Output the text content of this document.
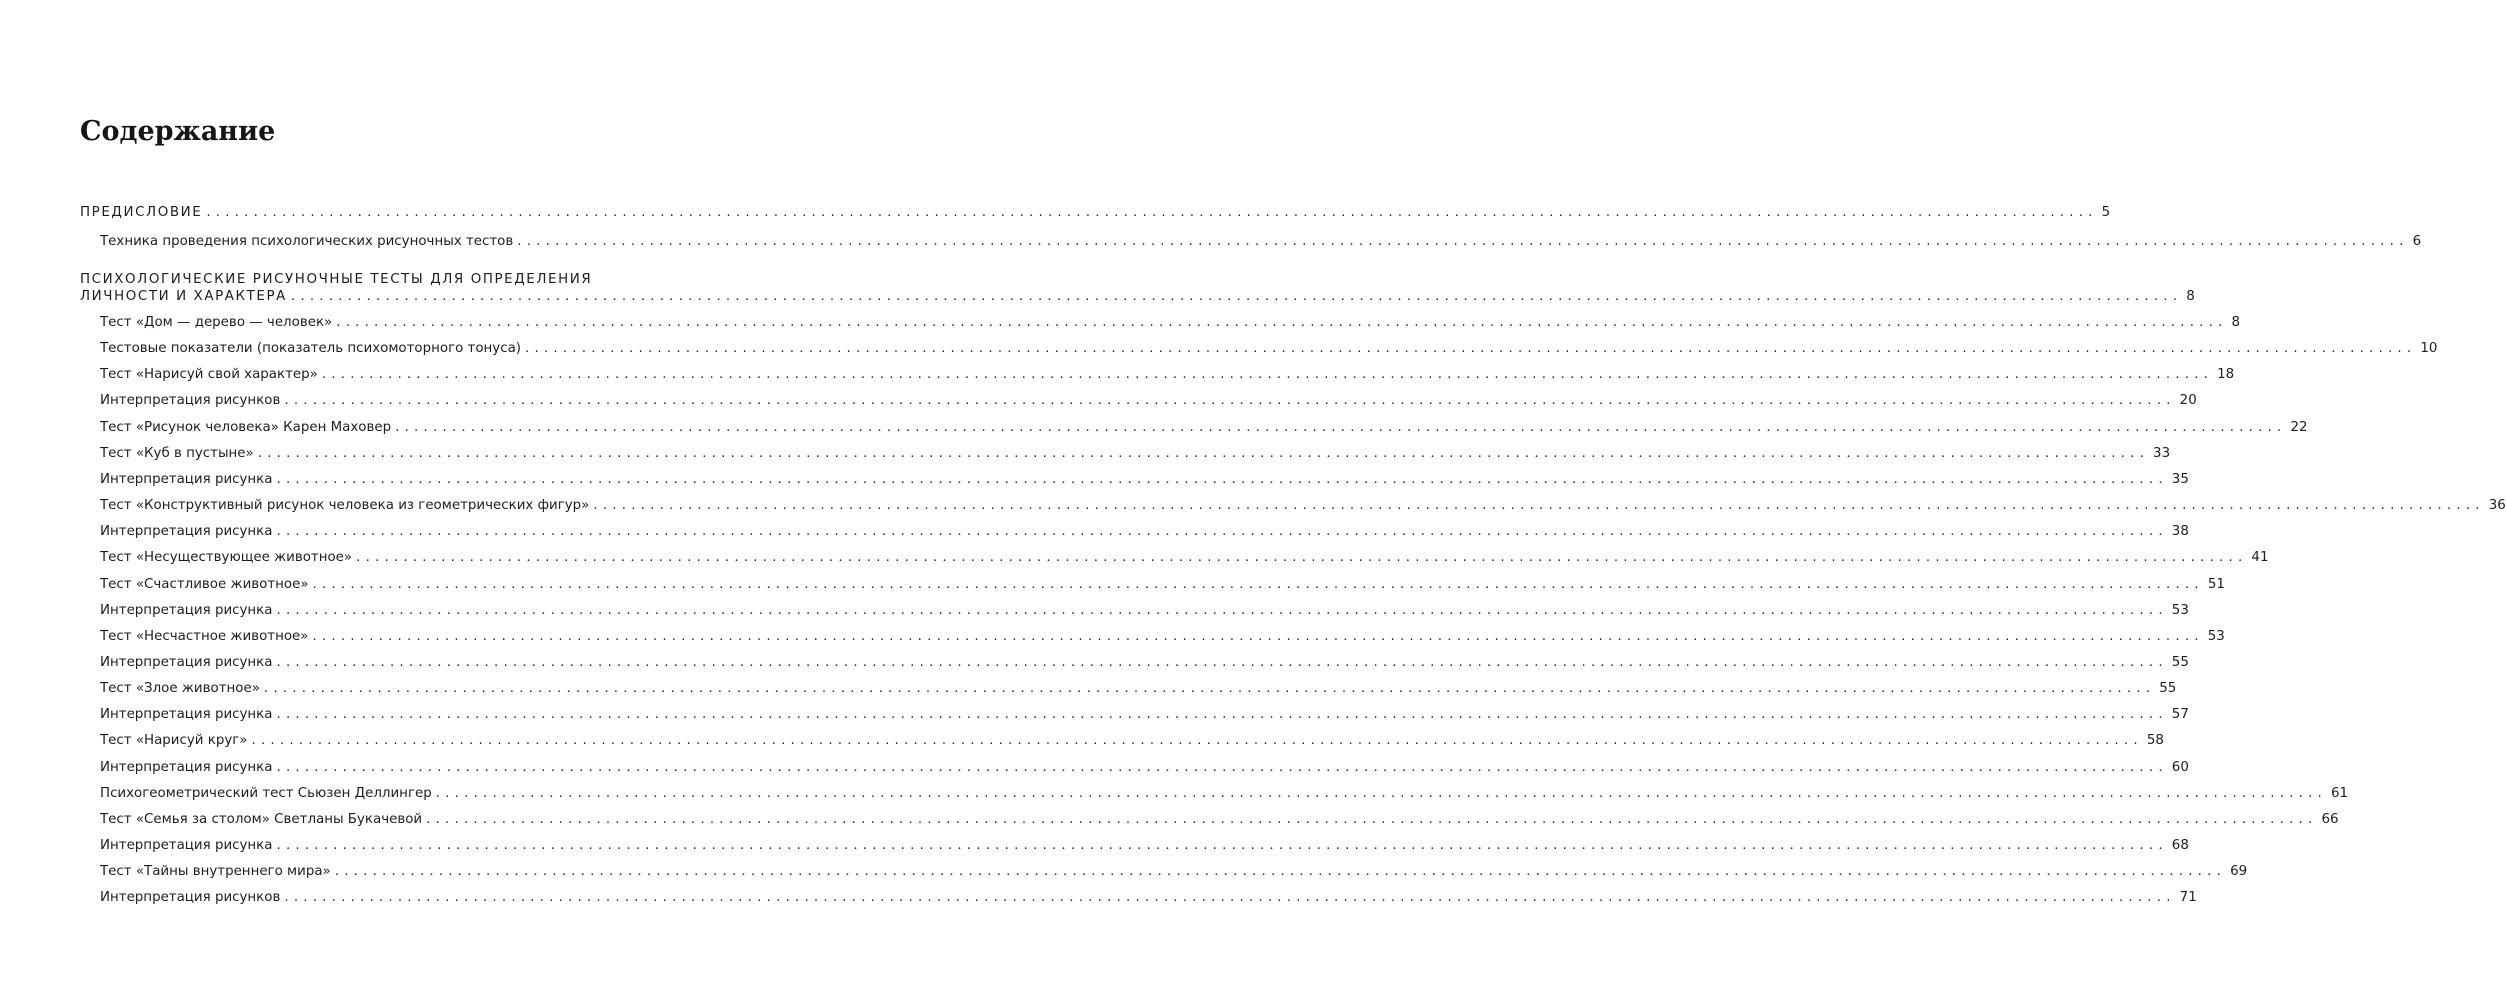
Содержание
ПРЕДИСЛОВИЕ ........................................................................................................................................................................................................ 5
Техника проведения психологических рисуночных тестов ........................................................................................................................................................................................................ 6
ПСИХОЛОГИЧЕСКИЕ РИСУНОЧНЫЕ ТЕСТЫ ДЛЯ ОПРЕДЕЛЕНИЯ
ЛИЧНОСТИ И ХАРАКТЕРА ........................................................................................................................................................................................................ 8
Тест «Дом — дерево — человек» ........................................................................................................................................................................................................ 8
Тестовые показатели (показатель психомоторного тонуса) ........................................................................................................................................................................................................ 10
Тест «Нарисуй свой характер» ........................................................................................................................................................................................................ 18
Интерпретация рисунков ........................................................................................................................................................................................................ 20
Тест «Рисунок человека» Карен Маховер ........................................................................................................................................................................................................ 22
Тест «Куб в пустыне» ........................................................................................................................................................................................................ 33
Интерпретация рисунка ........................................................................................................................................................................................................ 35
Тест «Конструктивный рисунок человека из геометрических фигур» ........................................................................................................................................................................................................ 36
Интерпретация рисунка ........................................................................................................................................................................................................ 38
Тест «Несуществующее животное» ........................................................................................................................................................................................................ 41
Тест «Счастливое животное» ........................................................................................................................................................................................................ 51
Интерпретация рисунка ........................................................................................................................................................................................................ 53
Тест «Несчастное животное» ........................................................................................................................................................................................................ 53
Интерпретация рисунка ........................................................................................................................................................................................................ 55
Тест «Злое животное» ........................................................................................................................................................................................................ 55
Интерпретация рисунка ........................................................................................................................................................................................................ 57
Тест «Нарисуй круг» ........................................................................................................................................................................................................ 58
Интерпретация рисунка ........................................................................................................................................................................................................ 60
Психогеометрический тест Сьюзен Деллингер ........................................................................................................................................................................................................ 61
Тест «Семья за столом» Светланы Букачевой ........................................................................................................................................................................................................ 66
Интерпретация рисунка ........................................................................................................................................................................................................ 68
Тест «Тайны внутреннего мира» ........................................................................................................................................................................................................ 69
Интерпретация рисунков ........................................................................................................................................................................................................ 71
